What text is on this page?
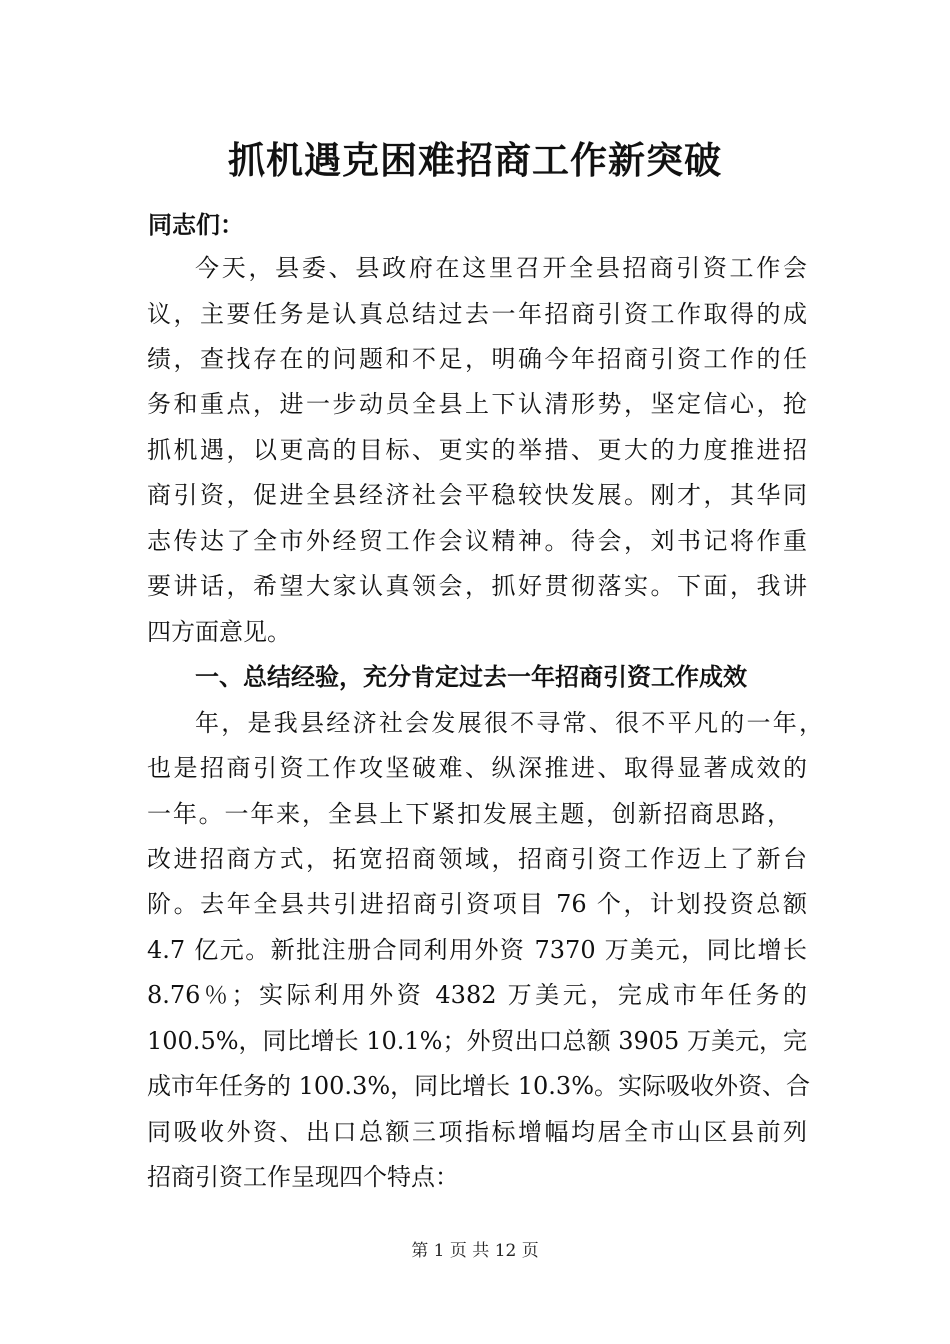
抓机遇克困难招商工作新突破
同志们：
今天，县委、县政府在这里召开全县招商引资工作会
议，主要任务是认真总结过去一年招商引资工作取得的成
绩，查找存在的问题和不足，明确今年招商引资工作的任
务和重点，进一步动员全县上下认清形势，坚定信心，抢
抓机遇，以更高的目标、更实的举措、更大的力度推进招
商引资，促进全县经济社会平稳较快发展。刚才，其华同
志传达了全市外经贸工作会议精神。待会，刘书记将作重
要讲话，希望大家认真领会，抓好贯彻落实。下面，我讲
四方面意见。
一、总结经验，充分肯定过去一年招商引资工作成效
年，是我县经济社会发展很不寻常、很不平凡的一年，
也是招商引资工作攻坚破难、纵深推进、取得显著成效的
一年。一年来，全县上下紧扣发展主题，创新招商思路，
改进招商方式，拓宽招商领域，招商引资工作迈上了新台
阶。去年全县共引进招商引资项目 76 个，计划投资总额
4.7 亿元。新批注册合同利用外资 7370 万美元，同比增长
8.76％；实际利用外资 4382 万美元，完成市年任务的
100.5%，同比增长 10.1%；外贸出口总额 3905 万美元，完
成市年任务的 100.3%，同比增长 10.3%。实际吸收外资、合
同吸收外资、出口总额三项指标增幅均居全市山区县前列
招商引资工作呈现四个特点：
第 1 页 共 12 页
